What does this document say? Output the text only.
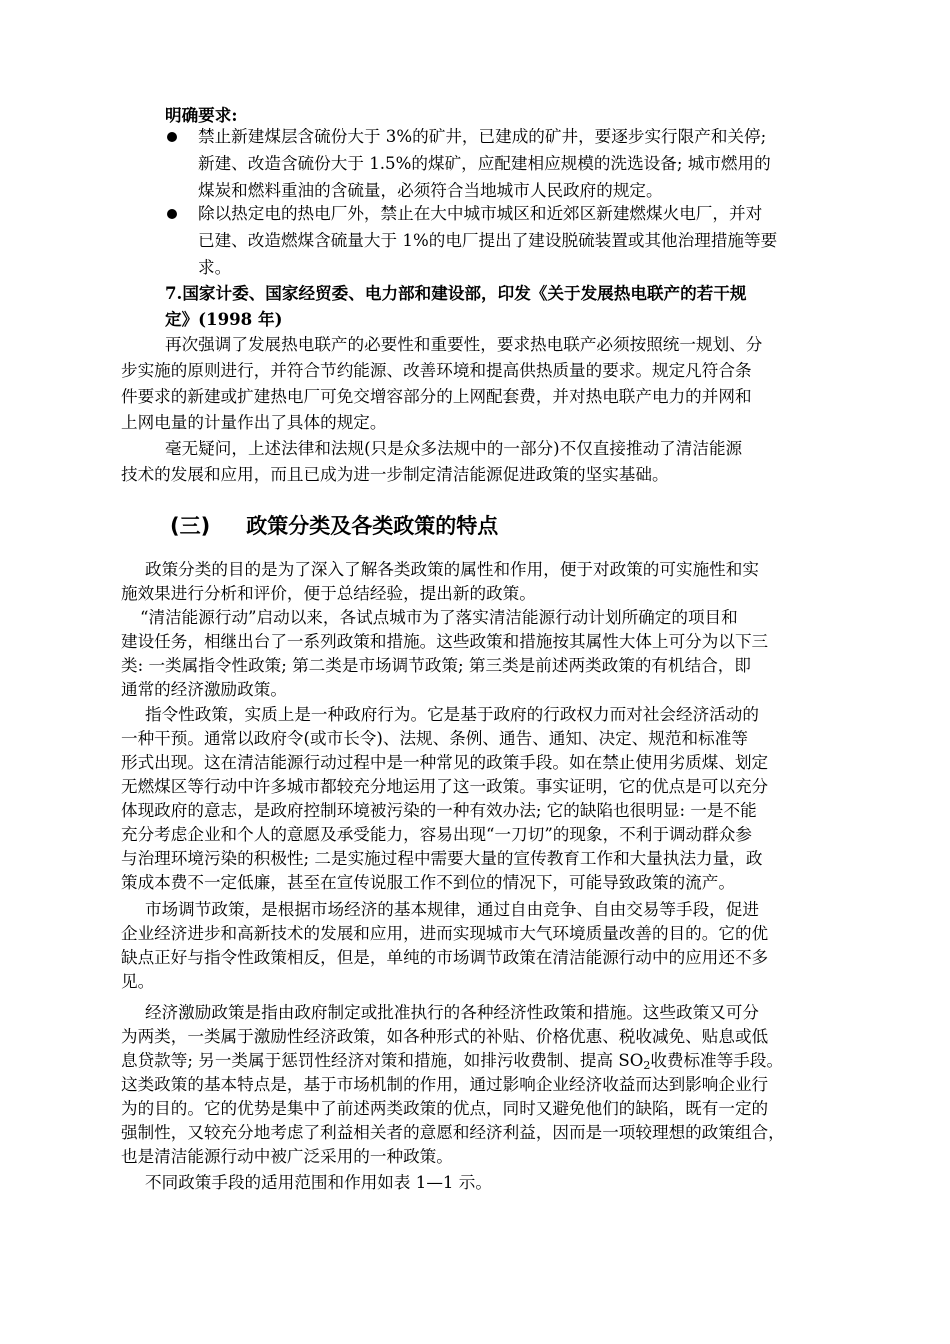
明确要求:

禁止新建煤层含硫份大于 3%的矿井，已建成的矿井，要逐步实行限产和关停;

新建、改造含硫份大于 1.5%的煤矿，应配建相应规模的洗选设备; 城市燃用的

煤炭和燃料重油的含硫量，必须符合当地城市人民政府的规定。

除以热定电的热电厂外，禁止在大中城市城区和近郊区新建燃煤火电厂，并对

已建、改造燃煤含硫量大于 1%的电厂提出了建设脱硫装置或其他治理措施等要

求。

7.国家计委、国家经贸委、电力部和建设部，印发《关于发展热电联产的若干规

定》(1998 年)

再次强调了发展热电联产的必要性和重要性，要求热电联产必须按照统一规划、分

步实施的原则进行，并符合节约能源、改善环境和提高供热质量的要求。规定凡符合条

件要求的新建或扩建热电厂可免交增容部分的上网配套费，并对热电联产电力的并网和

上网电量的计量作出了具体的规定。

毫无疑问，上述法律和法规(只是众多法规中的一部分)不仅直接推动了清洁能源

技术的发展和应用，而且已成为进一步制定清洁能源促进政策的坚实基础。

(三) 政策分类及各类政策的特点

政策分类的目的是为了深入了解各类政策的属性和作用，便于对政策的可实施性和实

施效果进行分析和评价，便于总结经验，提出新的政策。

“清洁能源行动”启动以来，各试点城市为了落实清洁能源行动计划所确定的项目和

建设任务，相继出台了一系列政策和措施。这些政策和措施按其属性大体上可分为以下三

类: 一类属指令性政策; 第二类是市场调节政策; 第三类是前述两类政策的有机结合，即

通常的经济激励政策。

指令性政策，实质上是一种政府行为。它是基于政府的行政权力而对社会经济活动的

一种干预。通常以政府令(或市长令)、法规、条例、通告、通知、决定、规范和标准等

形式出现。这在清洁能源行动过程中是一种常见的政策手段。如在禁止使用劣质煤、划定

无燃煤区等行动中许多城市都较充分地运用了这一政策。事实证明，它的优点是可以充分

体现政府的意志，是政府控制环境被污染的一种有效办法; 它的缺陷也很明显: 一是不能

充分考虑企业和个人的意愿及承受能力，容易出现“一刀切”的现象，不利于调动群众参

与治理环境污染的积极性; 二是实施过程中需要大量的宣传教育工作和大量执法力量，政

策成本费不一定低廉，甚至在宣传说服工作不到位的情况下，可能导致政策的流产。

市场调节政策，是根据市场经济的基本规律，通过自由竞争、自由交易等手段，促进

企业经济进步和高新技术的发展和应用，进而实现城市大气环境质量改善的目的。它的优

缺点正好与指令性政策相反，但是，单纯的市场调节政策在清洁能源行动中的应用还不多

见。

经济激励政策是指由政府制定或批准执行的各种经济性政策和措施。这些政策又可分

为两类，一类属于激励性经济政策，如各种形式的补贴、价格优惠、税收减免、贴息或低

息贷款等; 另一类属于惩罚性经济对策和措施，如排污收费制、提高 $SO_2$收费标准等手段。

这类政策的基本特点是，基于市场机制的作用，通过影响企业经济收益而达到影响企业行

为的目的。它的优势是集中了前述两类政策的优点，同时又避免他们的缺陷，既有一定的

强制性，又较充分地考虑了利益相关者的意愿和经济利益，因而是一项较理想的政策组合，

也是清洁能源行动中被广泛采用的一种政策。

不同政策手段的适用范围和作用如表 1—1 示。
